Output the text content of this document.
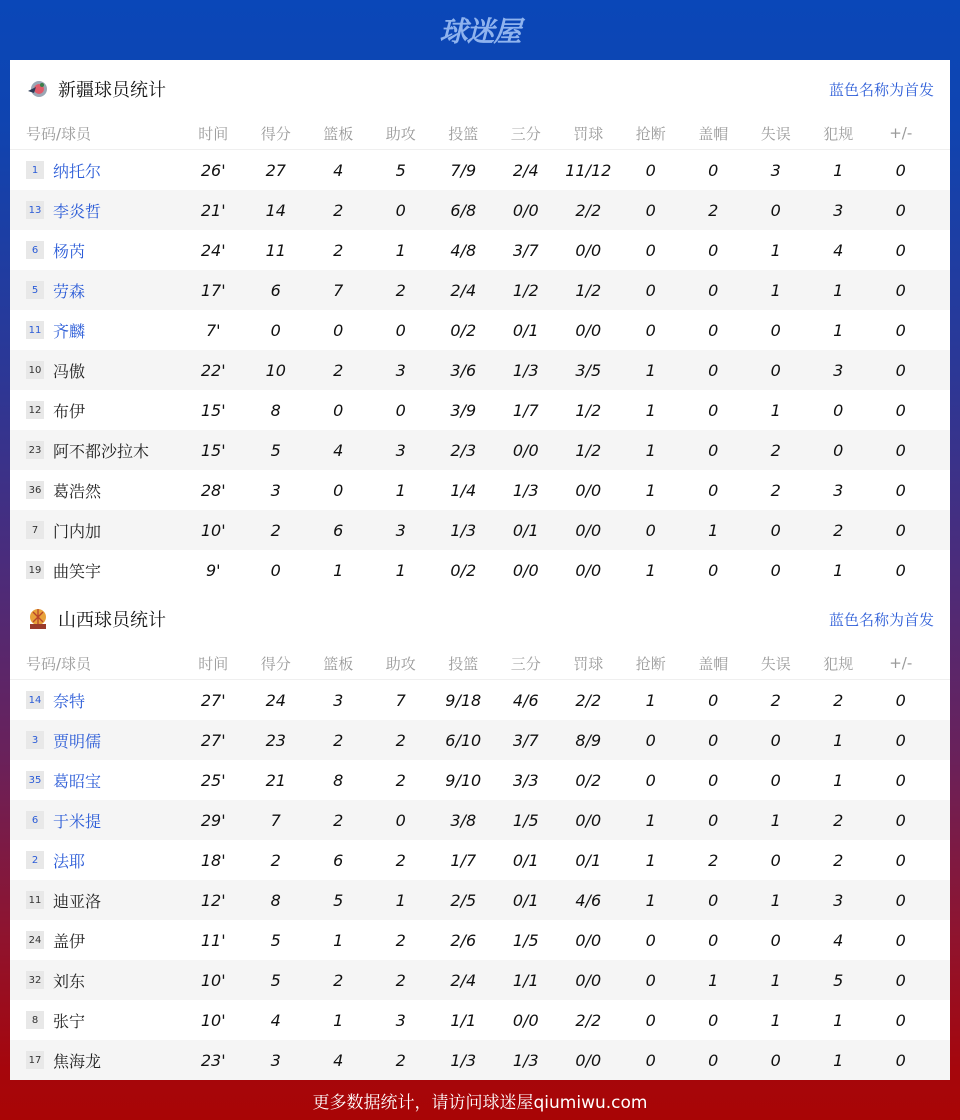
球迷屋
新疆球员统计	蓝色名称为首发
号码/球员	时间	得分	篮板	助攻	投篮	三分	罚球	抢断	盖帽	失误	犯规	+/-
1 纳托尔	26'	27	4	5	7/9	2/4	11/12	0	0	3	1	0
13 李炎哲	21'	14	2	0	6/8	0/0	2/2	0	2	0	3	0
6 杨芮	24'	11	2	1	4/8	3/7	0/0	0	0	1	4	0
5 劳森	17'	6	7	2	2/4	1/2	1/2	0	0	1	1	0
11 齐麟	7'	0	0	0	0/2	0/1	0/0	0	0	0	1	0
10 冯傲	22'	10	2	3	3/6	1/3	3/5	1	0	0	3	0
12 布伊	15'	8	0	0	3/9	1/7	1/2	1	0	1	0	0
23 阿不都沙拉木	15'	5	4	3	2/3	0/0	1/2	1	0	2	0	0
36 葛浩然	28'	3	0	1	1/4	1/3	0/0	1	0	2	3	0
7 门内加	10'	2	6	3	1/3	0/1	0/0	0	1	0	2	0
19 曲笑宇	9'	0	1	1	0/2	0/0	0/0	1	0	0	1	0
山西球员统计	蓝色名称为首发
号码/球员	时间	得分	篮板	助攻	投篮	三分	罚球	抢断	盖帽	失误	犯规	+/-
14 奈特	27'	24	3	7	9/18	4/6	2/2	1	0	2	2	0
3 贾明儒	27'	23	2	2	6/10	3/7	8/9	0	0	0	1	0
35 葛昭宝	25'	21	8	2	9/10	3/3	0/2	0	0	0	1	0
6 于米提	29'	7	2	0	3/8	1/5	0/0	1	0	1	2	0
2 法耶	18'	2	6	2	1/7	0/1	0/1	1	2	0	2	0
11 迪亚洛	12'	8	5	1	2/5	0/1	4/6	1	0	1	3	0
24 盖伊	11'	5	1	2	2/6	1/5	0/0	0	0	0	4	0
32 刘东	10'	5	2	2	2/4	1/1	0/0	0	1	1	5	0
8 张宁	10'	4	1	3	1/1	0/0	2/2	0	0	1	1	0
17 焦海龙	23'	3	4	2	1/3	1/3	0/0	0	0	0	1	0
更多数据统计，请访问球迷屋qiumiwu.com
